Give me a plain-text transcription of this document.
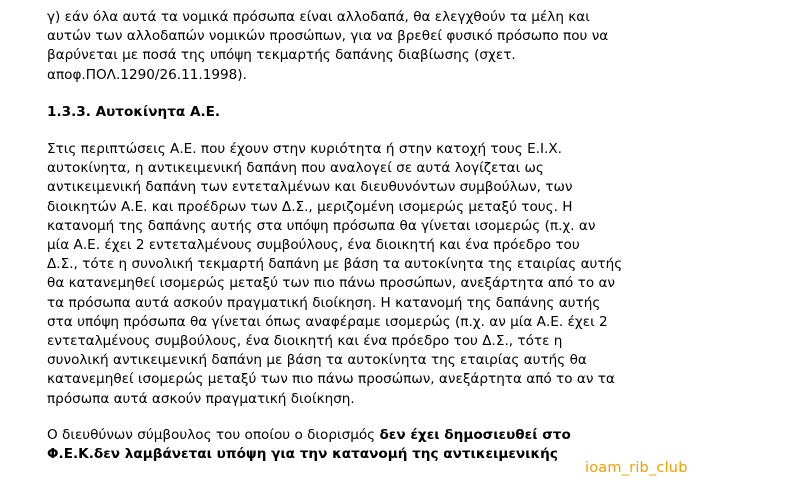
γ) εάν όλα αυτά τα νομικά πρόσωπα είναι αλλοδαπά, θα ελεγχθούν τα μέλη και
αυτών των αλλοδαπών νομικών προσώπων, για να βρεθεί φυσικό πρόσωπο που να
βαρύνεται με ποσά της υπόψη τεκμαρτής δαπάνης διαβίωσης (σχετ.
αποφ.ΠΟΛ.1290/26.11.1998).

1.3.3. Αυτοκίνητα Α.Ε.

Στις περιπτώσεις Α.Ε. που έχουν στην κυριότητα ή στην κατοχή τους Ε.Ι.Χ.
αυτοκίνητα, η αντικειμενική δαπάνη που αναλογεί σε αυτά λογίζεται ως
αντικειμενική δαπάνη των εντεταλμένων και διευθυνόντων συμβούλων, των
διοικητών Α.Ε. και προέδρων των Δ.Σ., μεριζομένη ισομερώς μεταξύ τους. Η
κατανομή της δαπάνης αυτής στα υπόψη πρόσωπα θα γίνεται ισομερώς (π.χ. αν
μία Α.Ε. έχει 2 εντεταλμένους συμβούλους, ένα διοικητή και ένα πρόεδρο του
Δ.Σ., τότε η συνολική τεκμαρτή δαπάνη με βάση τα αυτοκίνητα της εταιρίας αυτής
θα κατανεμηθεί ισομερώς μεταξύ των πιο πάνω προσώπων, ανεξάρτητα από το αν
τα πρόσωπα αυτά ασκούν πραγματική διοίκηση. Η κατανομή της δαπάνης αυτής
στα υπόψη πρόσωπα θα γίνεται όπως αναφέραμε ισομερώς (π.χ. αν μία Α.Ε. έχει 2
εντεταλμένους συμβούλους, ένα διοικητή και ένα πρόεδρο του Δ.Σ., τότε η
συνολική αντικειμενική δαπάνη με βάση τα αυτοκίνητα της εταιρίας αυτής θα
κατανεμηθεί ισομερώς μεταξύ των πιο πάνω προσώπων, ανεξάρτητα από το αν τα
πρόσωπα αυτά ασκούν πραγματική διοίκηση.

Ο διευθύνων σύμβουλος του οποίου ο διορισμός δεν έχει δημοσιευθεί στο
Φ.Ε.Κ.δεν λαμβάνεται υπόψη για την κατανομή της αντικειμενικής

ioam_rib_club
